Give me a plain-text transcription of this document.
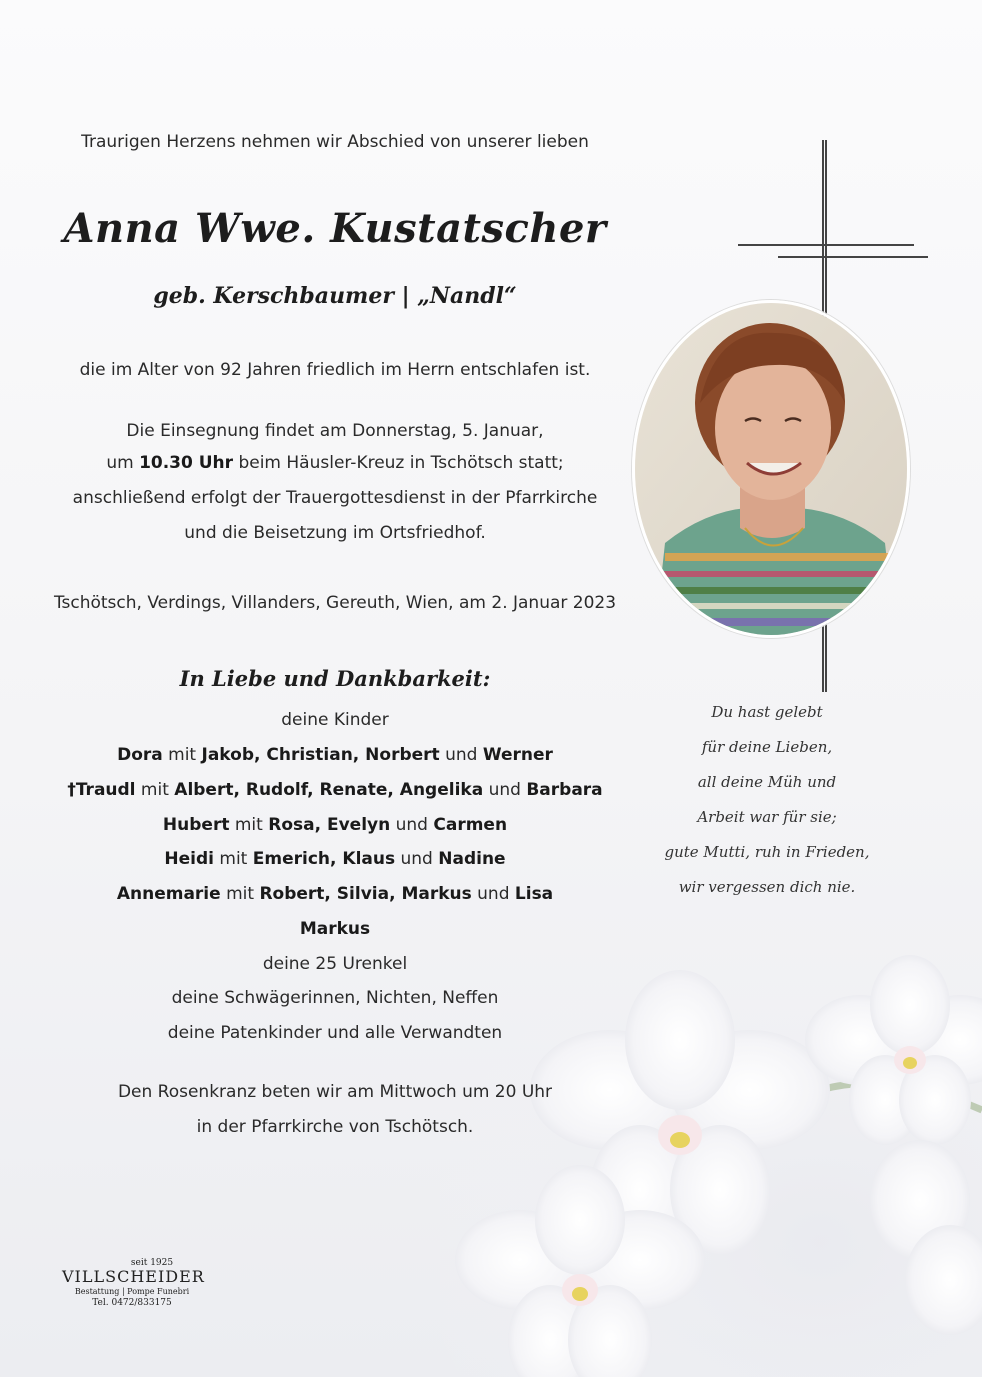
Traurigen Herzens nehmen wir Abschied von unserer lieben
Anna Wwe. Kustatscher
geb. Kerschbaumer | „Nandl“
die im Alter von 92 Jahren friedlich im Herrn entschlafen ist.
Die Einsegnung findet am Donnerstag, 5. Januar,
um 10.30 Uhr beim Häusler-Kreuz in Tschötsch statt;
anschließend erfolgt der Trauergottesdienst in der Pfarrkirche
und die Beisetzung im Ortsfriedhof.
Tschötsch, Verdings, Villanders, Gereuth, Wien, am 2. Januar 2023
In Liebe und Dankbarkeit:
deine Kinder
Dora mit Jakob, Christian, Norbert und Werner
†Traudl mit Albert, Rudolf, Renate, Angelika und Barbara
Hubert mit Rosa, Evelyn und Carmen
Heidi mit Emerich, Klaus und Nadine
Annemarie mit Robert, Silvia, Markus und Lisa
Markus
deine 25 Urenkel
deine Schwägerinnen, Nichten, Neffen
deine Patenkinder und alle Verwandten
Den Rosenkranz beten wir am Mittwoch um 20 Uhr
in der Pfarrkirche von Tschötsch.
Du hast gelebt
für deine Lieben,
all deine Müh und
Arbeit war für sie;
gute Mutti, ruh in Frieden,
wir vergessen dich nie.
seit 1925
VILLSCHEIDER
Bestattung | Pompe Funebri
Tel. 0472/833175
